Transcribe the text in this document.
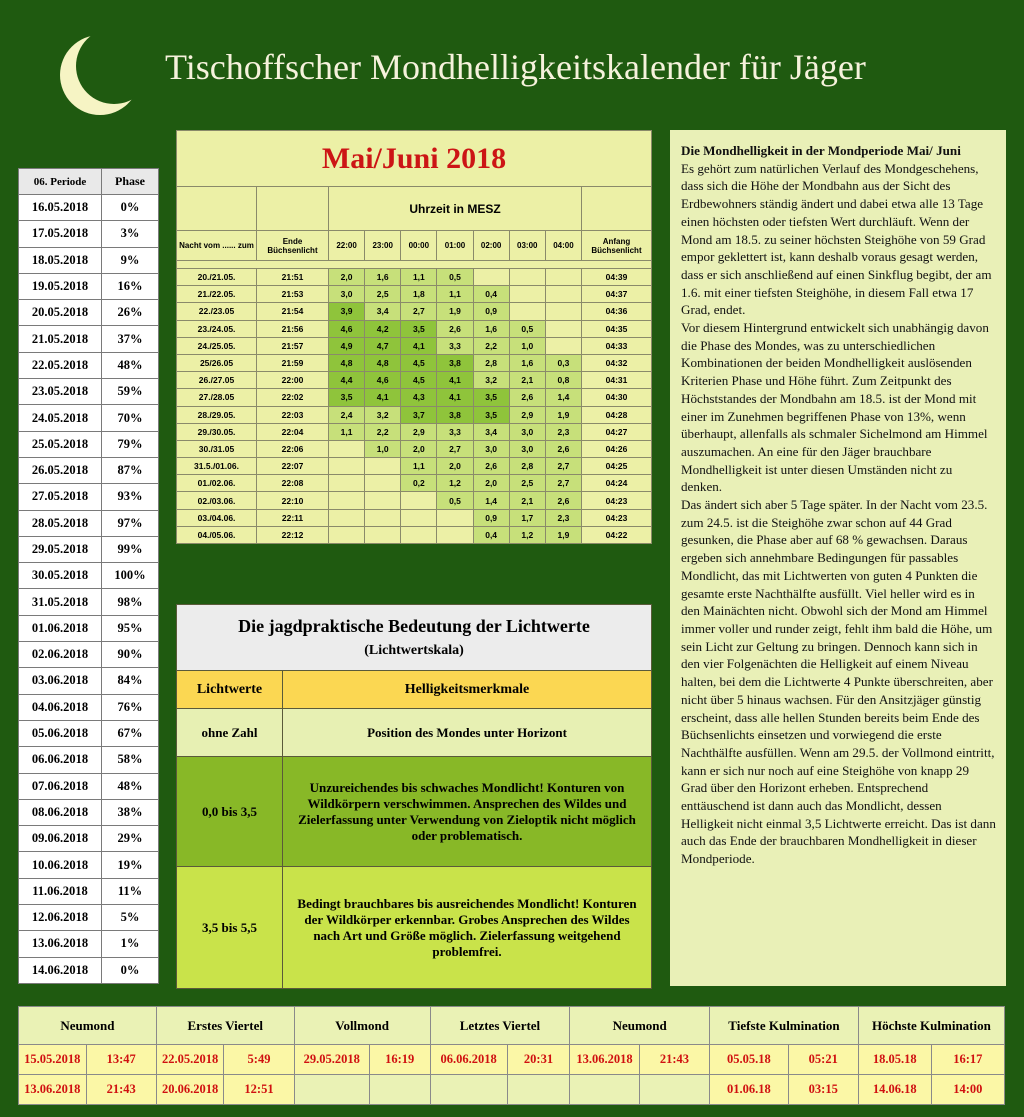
Tischoffscher Mondhelligkeitskalender für Jäger
06. Periode	Phase
16.05.2018	0%
17.05.2018	3%
18.05.2018	9%
19.05.2018	16%
20.05.2018	26%
21.05.2018	37%
22.05.2018	48%
23.05.2018	59%
24.05.2018	70%
25.05.2018	79%
26.05.2018	87%
27.05.2018	93%
28.05.2018	97%
29.05.2018	99%
30.05.2018	100%
31.05.2018	98%
01.06.2018	95%
02.06.2018	90%
03.06.2018	84%
04.06.2018	76%
05.06.2018	67%
06.06.2018	58%
07.06.2018	48%
08.06.2018	38%
09.06.2018	29%
10.06.2018	19%
11.06.2018	11%
12.06.2018	5%
13.06.2018	1%
14.06.2018	0%
Mai/Juni 2018									
		Uhrzeit in MESZ							
Nacht vom ...... zum	Ende Büchsenlicht	22:00	23:00	00:00	01:00	02:00	03:00	04:00	Anfang Büchsenlicht

20./21.05.	21:51	2,0	1,6	1,1	0,5				04:39
21./22.05.	21:53	3,0	2,5	1,8	1,1	0,4			04:37
22./23.05	21:54	3,9	3,4	2,7	1,9	0,9			04:36
23./24.05.	21:56	4,6	4,2	3,5	2,6	1,6	0,5		04:35
24./25.05.	21:57	4,9	4,7	4,1	3,3	2,2	1,0		04:33
25/26.05	21:59	4,8	4,8	4,5	3,8	2,8	1,6	0,3	04:32
26./27.05	22:00	4,4	4,6	4,5	4,1	3,2	2,1	0,8	04:31
27./28.05	22:02	3,5	4,1	4,3	4,1	3,5	2,6	1,4	04:30
28./29.05.	22:03	2,4	3,2	3,7	3,8	3,5	2,9	1,9	04:28
29./30.05.	22:04	1,1	2,2	2,9	3,3	3,4	3,0	2,3	04:27
30./31.05	22:06		1,0	2,0	2,7	3,0	3,0	2,6	04:26
31.5./01.06.	22:07			1,1	2,0	2,6	2,8	2,7	04:25
01./02.06.	22:08			0,2	1,2	2,0	2,5	2,7	04:24
02./03.06.	22:10				0,5	1,4	2,1	2,6	04:23
03./04.06.	22:11					0,9	1,7	2,3	04:23
04./05.06.	22:12					0,4	1,2	1,9	04:22
Die jagdpraktische Bedeutung der Lichtwerte
(Lichtwertskala)	

Lichtwerte	Helligkeitsmerkmale
ohne Zahl	Position des Mondes unter Horizont
0,0 bis 3,5	Unzureichendes bis schwaches Mondlicht! Konturen von Wildkörpern verschwimmen. Ansprechen des Wildes und Zielerfassung unter Verwendung von Zieloptik nicht möglich oder problematisch.
3,5 bis 5,5	Bedingt brauchbares bis ausreichendes Mondlicht! Konturen der Wildkörper erkennbar. Grobes Ansprechen des Wildes nach Art und Größe möglich. Zielerfassung weitgehend problemfrei.
Die Mondhelligkeit in der Mondperiode Mai/ Juni
Es gehört zum natürlichen Verlauf des Mondgeschehens, dass sich die Höhe der Mondbahn aus der Sicht des Erdbewohners ständig ändert und dabei etwa alle 13 Tage einen höchsten oder tiefsten Wert durchläuft. Wenn der Mond am 18.5. zu seiner höchsten Steighöhe von 59 Grad empor geklettert ist, kann deshalb voraus gesagt werden, dass er sich anschließend auf einen Sinkflug begibt, der am 1.6. mit einer tiefsten Steighöhe, in diesem Fall etwa 17 Grad, endet.
Vor diesem Hintergrund entwickelt sich unabhängig davon die Phase des Mondes, was zu unterschiedlichen Kombinationen der beiden Mondhelligkeit auslösenden Kriterien Phase und Höhe führt. Zum Zeitpunkt des Höchststandes der Mondbahn am 18.5. ist der Mond mit einer im Zunehmen begriffenen Phase von 13%, wenn überhaupt, allenfalls als schmaler Sichelmond am Himmel auszumachen. An eine für den Jäger brauchbare Mondhelligkeit ist unter diesen Umständen nicht zu denken.
Das ändert sich aber 5 Tage später. In der Nacht vom 23.5. zum 24.5. ist die Steighöhe zwar schon auf 44 Grad gesunken, die Phase aber auf 68 % gewachsen. Daraus ergeben sich annehmbare Bedingungen für passables Mondlicht, das mit Lichtwerten von guten 4 Punkten die gesamte erste Nachthälfte ausfüllt. Viel heller wird es in den Mainächten nicht. Obwohl sich der Mond am Himmel immer voller und runder zeigt, fehlt ihm bald die Höhe, um sein Licht zur Geltung zu bringen. Dennoch kann sich in den vier Folgenächten die Helligkeit auf einem Niveau halten, bei dem die Lichtwerte 4 Punkte überschreiten, aber nicht über 5 hinaus wachsen. Für den Ansitzjäger günstig erscheint, dass alle hellen Stunden bereits beim Ende des Büchsenlichts einsetzen und vorwiegend die erste Nachthälfte ausfüllen. Wenn am 29.5. der Vollmond eintritt, kann er sich nur noch auf eine Steighöhe von knapp 29 Grad über den Horizont erheben. Entsprechend enttäuschend ist dann auch das Mondlicht, dessen Helligkeit nicht einmal 3,5 Lichtwerte erreicht. Das ist dann auch das Ende der brauchbaren Mondhelligkeit in dieser Mondperiode.
Neumond		Erstes Viertel		Vollmond		Letztes Viertel		Neumond		Tiefste Kulmination		Höchste Kulmination	
15.05.2018	13:47	22.05.2018	5:49	29.05.2018	16:19	06.06.2018	20:31	13.06.2018	21:43	05.05.18	05:21	18.05.18	16:17
13.06.2018	21:43	20.06.2018	12:51							01.06.18	03:15	14.06.18	14:00
